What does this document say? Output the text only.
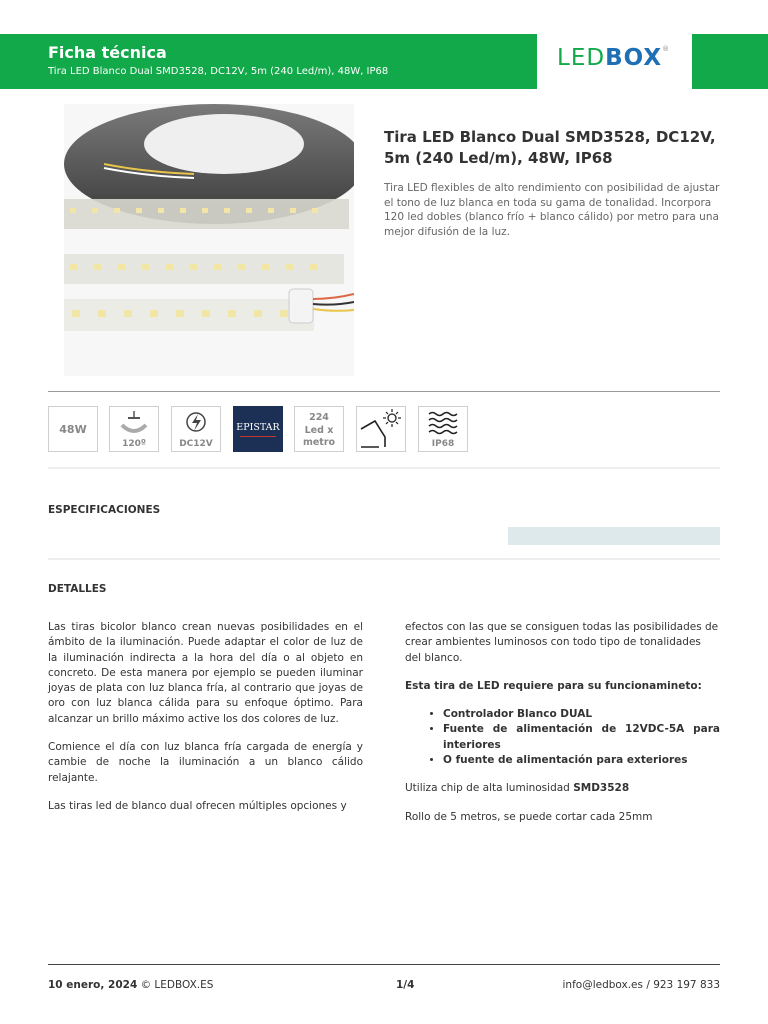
Ficha técnica
Tira LED Blanco Dual SMD3528, DC12V, 5m (240 Led/m), 48W, IP68
LEDBOX®
Tira LED Blanco Dual SMD3528, DC12V, 5m (240 Led/m), 48W, IP68
Tira LED flexibles de alto rendimiento con posibilidad de ajustar el tono de luz blanca en toda su gama de tonalidad. Incorpora 120 led dobles (blanco frío + blanco cálido) por metro para una mejor difusión de la luz.
48W
120º	DC12V
EPISTAR
224
Led x
metro	IP68
ESPECIFICACIONES
DETALLES

Las tiras bicolor blanco crean nuevas posibilidades en el ámbito de la iluminación. Puede adaptar el color de luz de la iluminación indirecta a la hora del día o al objeto en concreto. De esta manera por ejemplo se pueden iluminar joyas de plata con luz blanca fría, al contrario que joyas de oro con luz blanca cálida para su enfoque óptimo. Para alcanzar un brillo máximo active los dos colores de luz.

Comience el día con luz blanca fría cargada de energía y cambie de noche la iluminación a un blanco cálido relajante.

Las tiras led de blanco dual ofrecen múltiples opciones y

efectos con las que se consiguen todas las posibilidades de crear ambientes luminosos con todo tipo de tonalidades del blanco.

Esta tira de LED requiere para su funcionamineto:

• Controlador Blanco DUAL
• Fuente de alimentación de 12VDC-5A para interiores
• O fuente de alimentación para exteriores

Utiliza chip de alta luminosidad SMD3528

Rollo de 5 metros, se puede cortar cada 25mm

10 enero, 2024 © LEDBOX.ES	1/4	info@ledbox.es / 923 197 833
